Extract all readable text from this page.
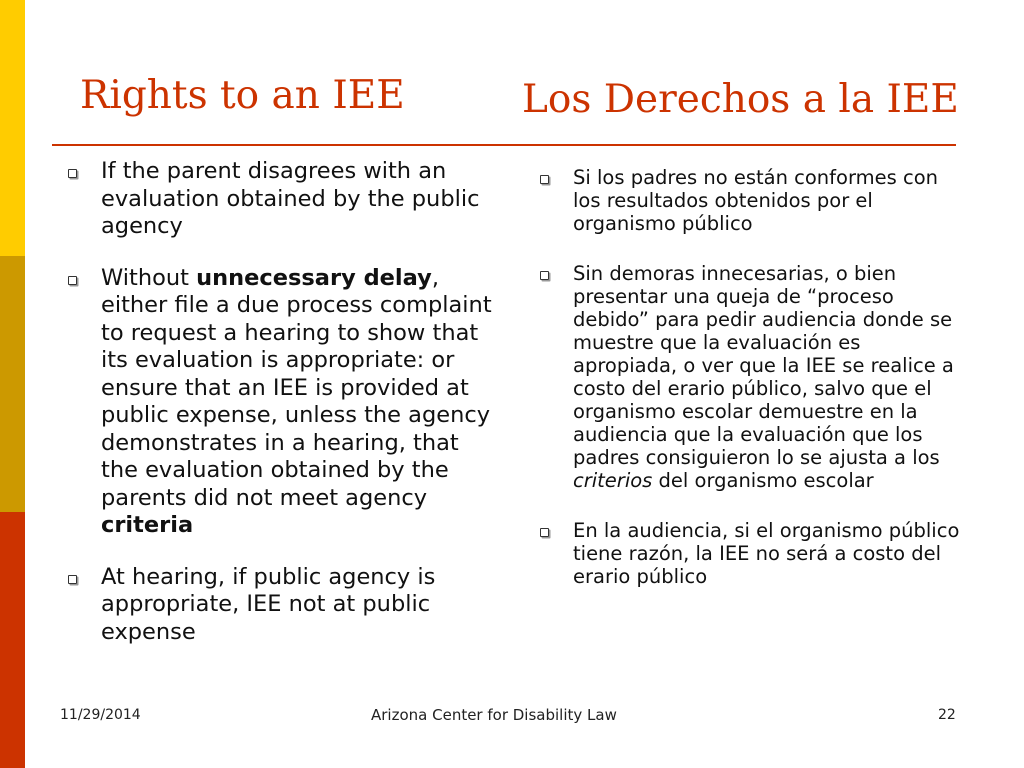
Rights to an IEE	Los Derechos a la IEE
If the parent disagrees with an evaluation obtained by the public agency
Without unnecessary delay, either file a due process complaint to request a hearing to show that its evaluation is appropriate: or ensure that an IEE is provided at public expense, unless the agency demonstrates in a hearing, that the evaluation obtained by the parents did not meet agency criteria
At hearing, if public agency is appropriate, IEE not at public expense
Si los padres no están conformes con los resultados obtenidos por el organismo público
Sin demoras innecesarias, o bien presentar una queja de “proceso debido” para pedir audiencia donde se muestre que la evaluación es apropiada, o ver que la IEE se realice a costo del erario público, salvo que el organismo escolar demuestre en la audiencia que la evaluación que los padres consiguieron lo se ajusta a los criterios del organismo escolar
En la audiencia, si el organismo público tiene razón, la IEE no será a costo del erario público
11/29/2014	Arizona Center for Disability Law	22
